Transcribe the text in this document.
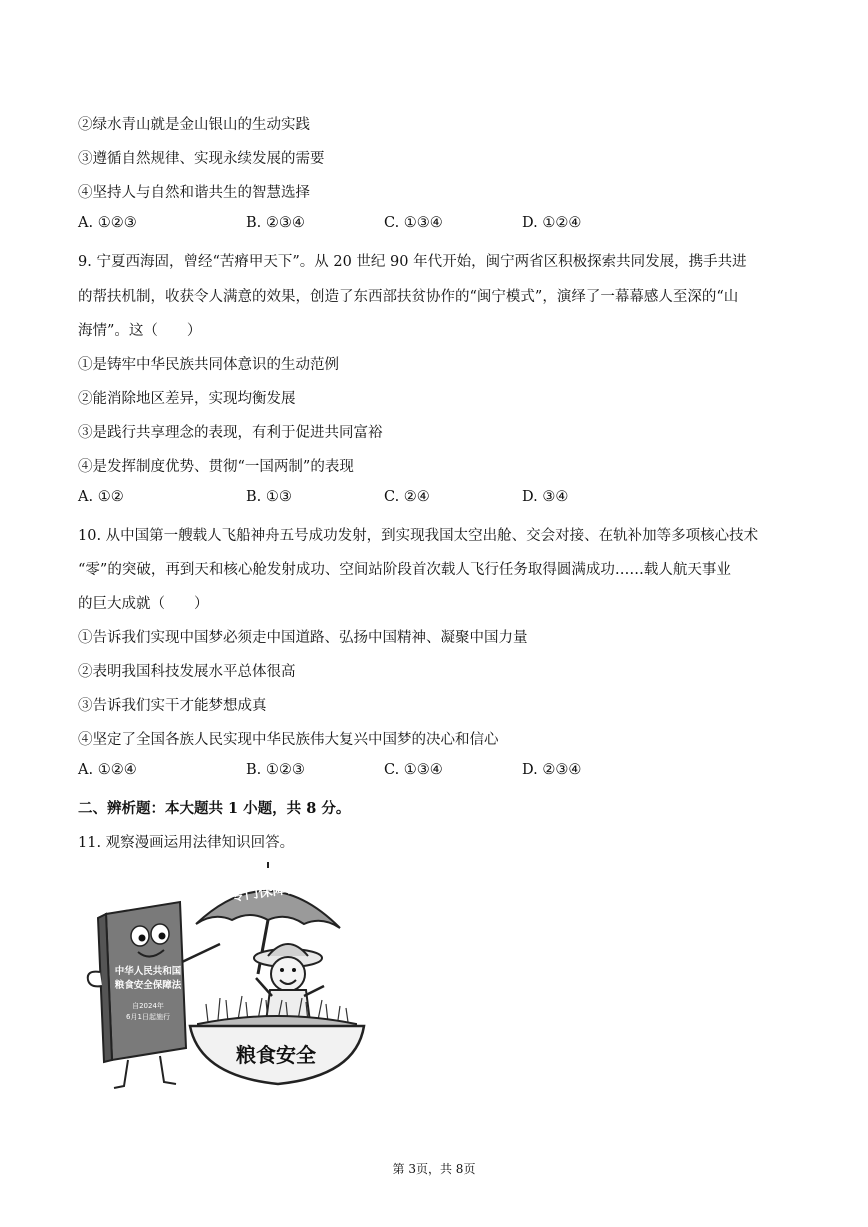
②绿水青山就是金山银山的生动实践
③遵循自然规律、实现永续发展的需要
④坚持人与自然和谐共生的智慧选择
A. ①②③	B. ②③④	C. ①③④	D. ①②④
9. 宁夏西海固，曾经“苦瘠甲天下”。从 20 世纪 90 年代开始，闽宁两省区积极探索共同发展，携手共进
的帮扶机制，收获令人满意的效果，创造了东西部扶贫协作的“闽宁模式”，演绎了一幕幕感人至深的“山
海情”。这（　　）
①是铸牢中华民族共同体意识的生动范例
②能消除地区差异，实现均衡发展
③是践行共享理念的表现，有利于促进共同富裕
④是发挥制度优势、贯彻“一国两制”的表现
A. ①②	B. ①③	C. ②④	D. ③④
10. 从中国第一艘载人飞船神舟五号成功发射，到实现我国太空出舱、交会对接、在轨补加等多项核心技术
“零”的突破，再到天和核心舱发射成功、空间站阶段首次载人飞行任务取得圆满成功……载人航天事业
的巨大成就（　　）
①告诉我们实现中国梦必须走中国道路、弘扬中国精神、凝聚中国力量
②表明我国科技发展水平总体很高
③告诉我们实干才能梦想成真
④坚定了全国各族人民实现中华民族伟大复兴中国梦的决心和信心
A. ①②④	B. ①②③	C. ①③④	D. ②③④
二、辨析题：本大题共 1 小题，共 8 分。
11. 观察漫画运用法律知识回答。
专门保障法
中华人民共和国
粮食安全保障法
自2024年
6月1日起施行
粮食安全
第 3页，共 8页
